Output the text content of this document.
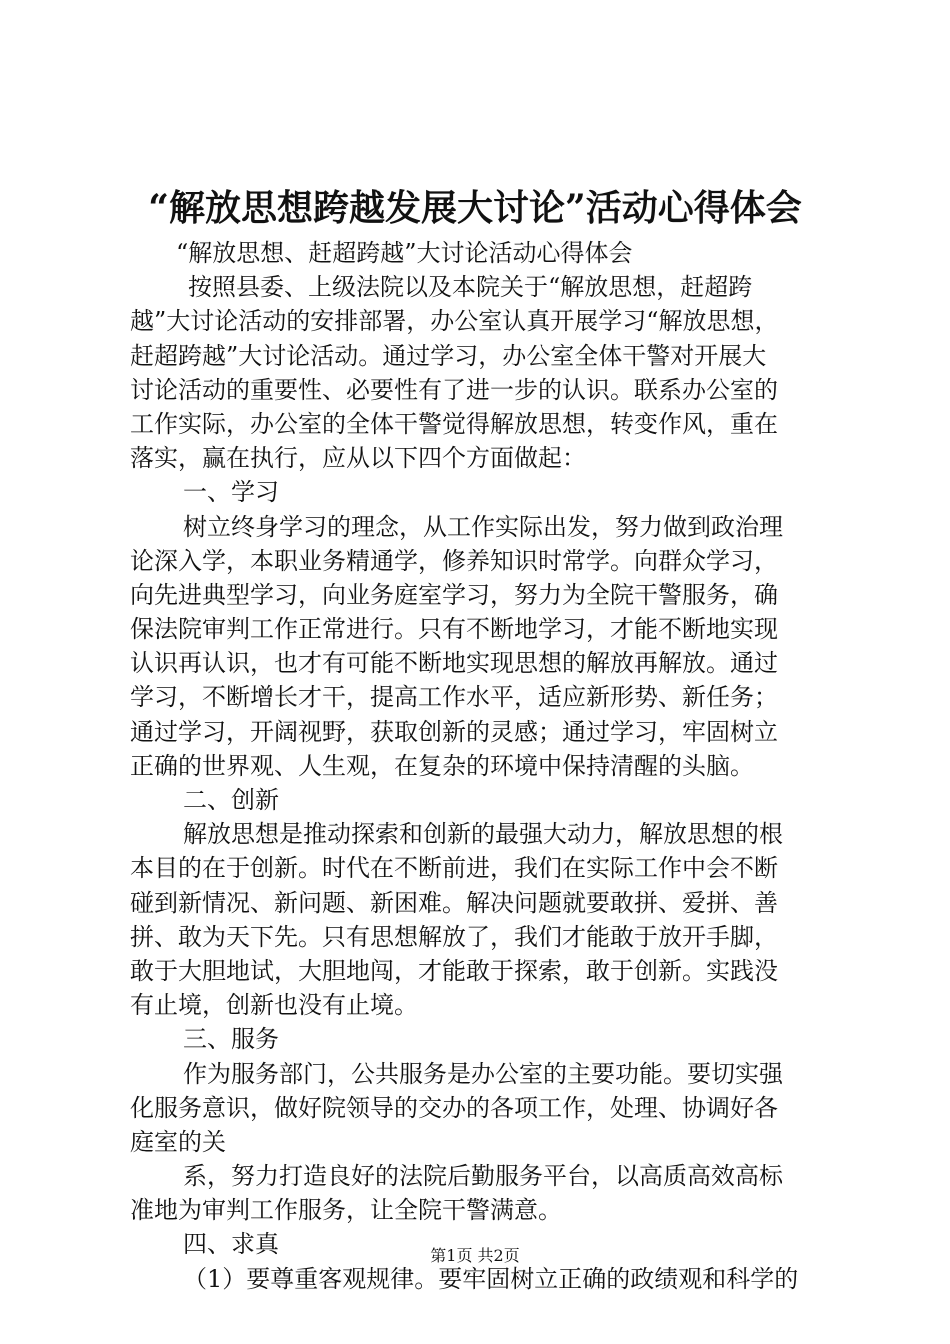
“解放思想跨越发展大讨论”活动心得体会
“解放思想、赶超跨越”大讨论活动心得体会
按照县委、上级法院以及本院关于“解放思想，赶超跨
越”大讨论活动的安排部署，办公室认真开展学习“解放思想，
赶超跨越”大讨论活动。通过学习，办公室全体干警对开展大
讨论活动的重要性、必要性有了进一步的认识。联系办公室的
工作实际，办公室的全体干警觉得解放思想，转变作风，重在
落实，赢在执行，应从以下四个方面做起：
一、学习
树立终身学习的理念，从工作实际出发，努力做到政治理
论深入学，本职业务精通学，修养知识时常学。向群众学习，
向先进典型学习，向业务庭室学习，努力为全院干警服务，确
保法院审判工作正常进行。只有不断地学习，才能不断地实现
认识再认识，也才有可能不断地实现思想的解放再解放。通过
学习，不断增长才干，提高工作水平，适应新形势、新任务；
通过学习，开阔视野，获取创新的灵感；通过学习，牢固树立
正确的世界观、人生观，在复杂的环境中保持清醒的头脑。
二、创新
解放思想是推动探索和创新的最强大动力，解放思想的根
本目的在于创新。时代在不断前进，我们在实际工作中会不断
碰到新情况、新问题、新困难。解决问题就要敢拼、爱拼、善
拼、敢为天下先。只有思想解放了，我们才能敢于放开手脚，
敢于大胆地试，大胆地闯，才能敢于探索，敢于创新。实践没
有止境，创新也没有止境。
三、服务
作为服务部门，公共服务是办公室的主要功能。要切实强
化服务意识，做好院领导的交办的各项工作，处理、协调好各
庭室的关
系，努力打造良好的法院后勤服务平台，以高质高效高标
准地为审判工作服务，让全院干警满意。
四、求真
（1）要尊重客观规律。要牢固树立正确的政绩观和科学的
第1页 共2页
